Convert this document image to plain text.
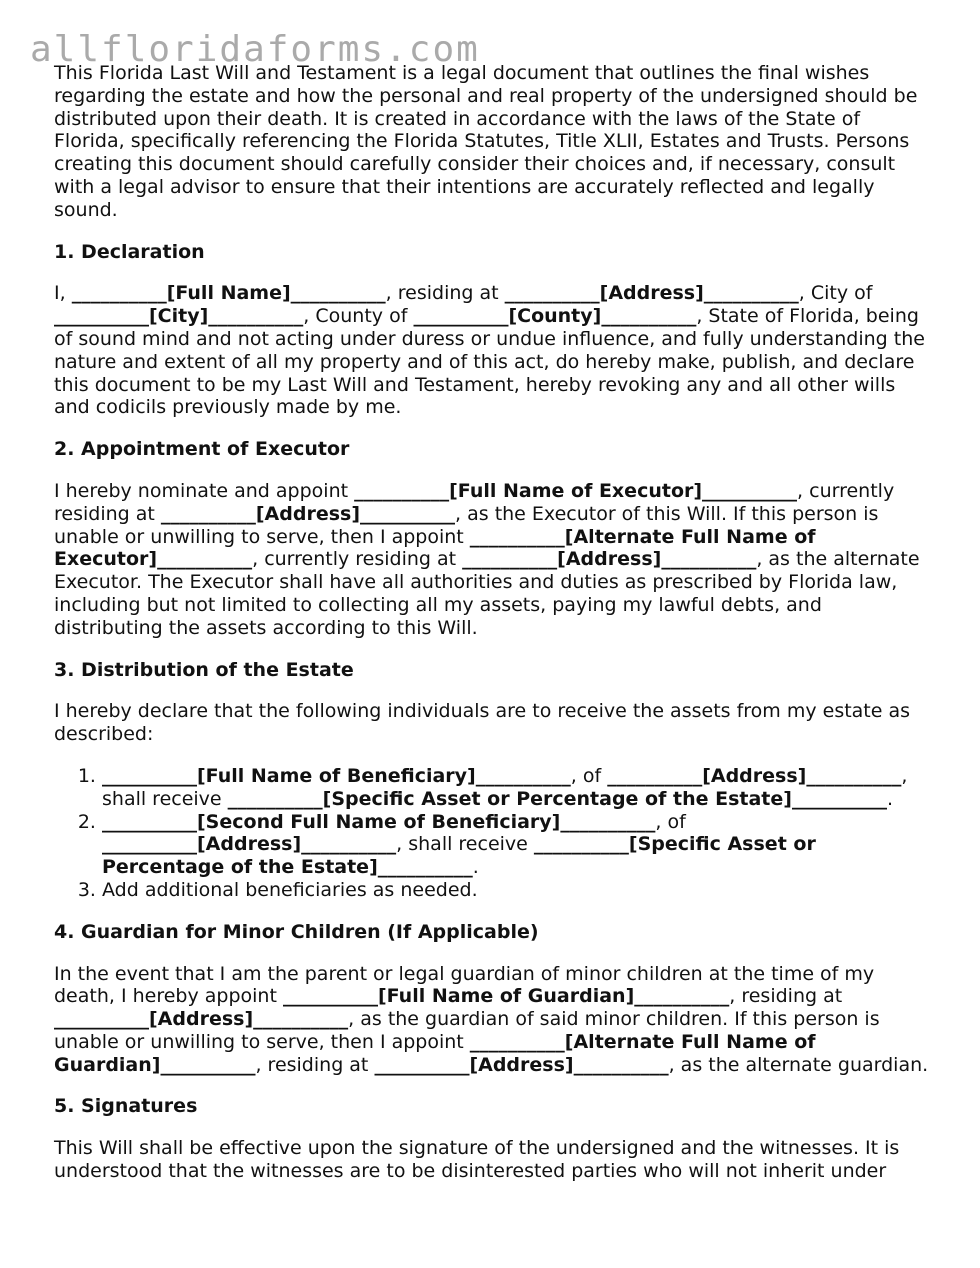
allfloridaforms.com

This Florida Last Will and Testament is a legal document that outlines the final wishes regarding the estate and how the personal and real property of the undersigned should be distributed upon their death. It is created in accordance with the laws of the State of Florida, specifically referencing the Florida Statutes, Title XLII, Estates and Trusts. Persons creating this document should carefully consider their choices and, if necessary, consult with a legal advisor to ensure that their intentions are accurately reflected and legally sound.

1. Declaration

I, _____	[Full Name] _____	, residing at _____	[Address] _____	, City of _____[City] _____	, County of _____	[County] _____	, State of Florida, being of sound mind and not acting under duress or undue influence, and fully understanding the nature and extent of all my property and of this act, do hereby make, publish, and declare this document to be my Last Will and Testament, hereby revoking any and all other wills and codicils previously made by me.

2. Appointment of Executor

I hereby nominate and appoint _____	[Full Name of Executor] _____	, currently residing at _____	[Address] _____	, as the Executor of this Will. If this person is unable or unwilling to serve, then I appoint _____	[Alternate Full Name of Executor] _____	, currently residing at _____	[Address] _____	, as the alternate Executor. The Executor shall have all authorities and duties as prescribed by Florida law, including but not limited to collecting all my assets, paying my lawful debts, and distributing the assets according to this Will.

3. Distribution of the Estate

I hereby declare that the following individuals are to receive the assets from my estate as described:

1. _____[Full Name of Beneficiary] _____	, of _____	[Address] _____	, shall receive _____	[Specific Asset or Percentage of the Estate] _____	.
2. _____[Second Full Name of Beneficiary] _____	, of _____[Address] _____	, shall receive _____	[Specific Asset or Percentage of the Estate] _____	.
3. Add additional beneficiaries as needed.
4. Guardian for Minor Children (If Applicable)

In the event that I am the parent or legal guardian of minor children at the time of my death, I hereby appoint _____	[Full Name of Guardian] _____	, residing at _____[Address] _____	, as the guardian of said minor children. If this person is unable or unwilling to serve, then I appoint _____	[Alternate Full Name of Guardian] _____	, residing at _____	[Address] _____	, as the alternate guardian.

5. Signatures

This Will shall be effective upon the signature of the undersigned and the witnesses. It is understood that the witnesses are to be disinterested parties who will not inherit under
